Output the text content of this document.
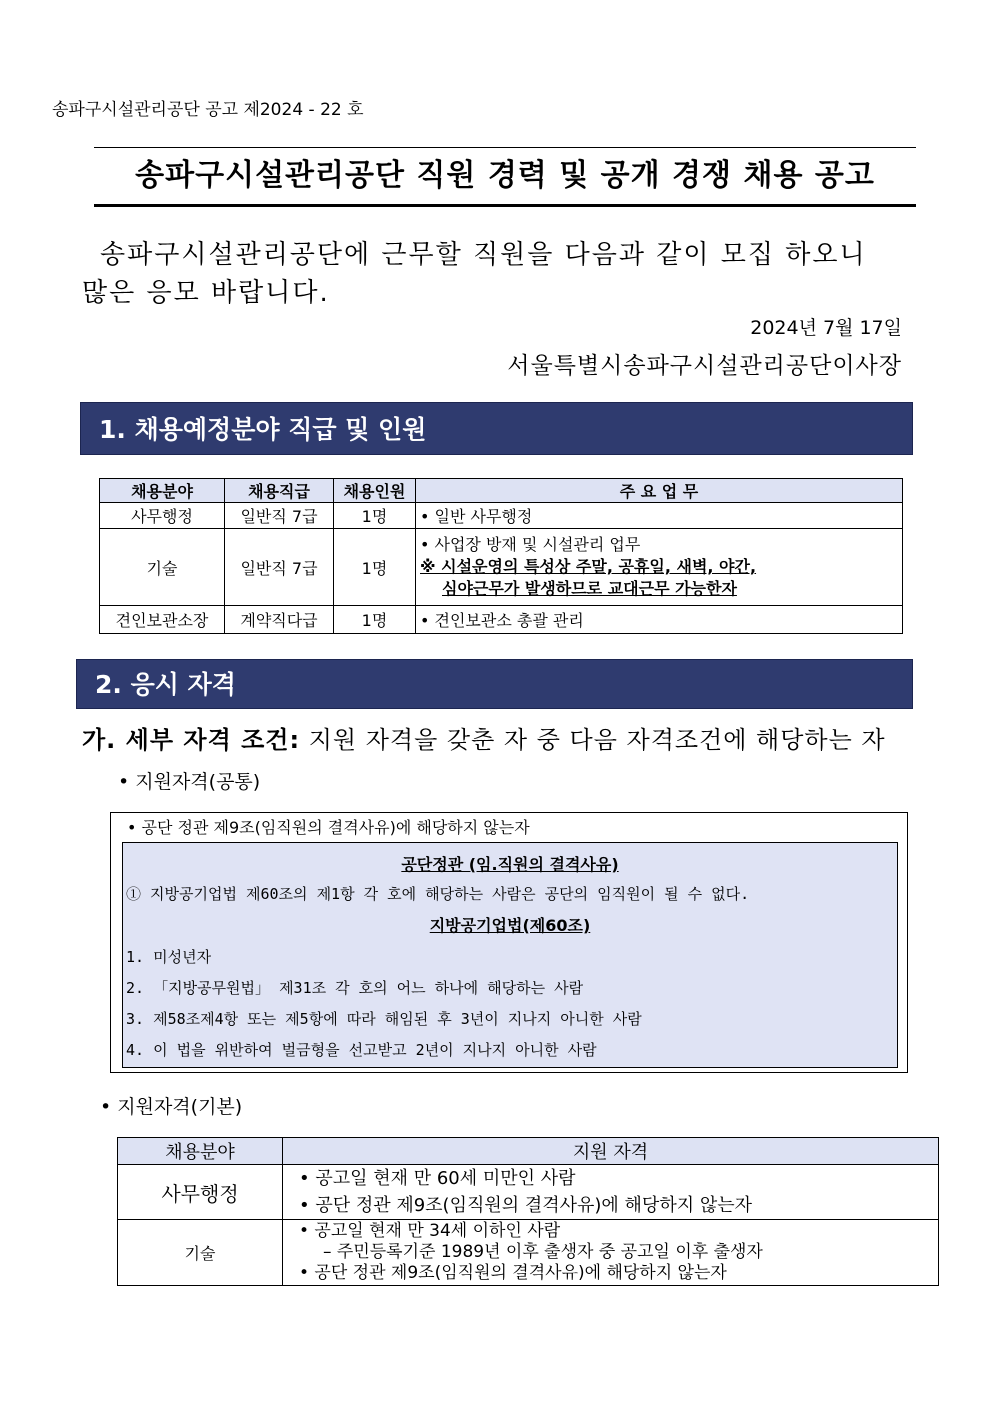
송파구시설관리공단 공고 제2024 - 22 호
송파구시설관리공단 직원 경력 및 공개 경쟁 채용 공고
송파구시설관리공단에 근무할 직원을 다음과 같이 모집 하오니
많은 응모 바랍니다.
2024년 7월 17일
서울특별시송파구시설관리공단이사장
1. 채용예정분야 직급 및 인원
채용분야	채용직급	채용인원	주 요 업 무
사무행정	일반직 7급	1명	• 일반 사무행정

기술	일반직 7급	1명	• 사업장 방재 및 시설관리 업무
※ 시설운영의 특성상 주말, 공휴일, 새벽, 야간,
심야근무가 발생하므로 교대근무 가능한자

견인보관소장	계약직다급	1명	• 견인보관소 총괄 관리
2. 응시 자격
가. 세부 자격 조건: 지원 자격을 갖춘 자 중 다음 자격조건에 해당하는 자
• 지원자격(공통)
• 공단 정관 제9조(임직원의 결격사유)에 해당하지 않는자
공단정관 (임.직원의 결격사유)
① 지방공기업법 제60조의 제1항 각 호에 해당하는 사람은 공단의 임직원이 될 수 없다.
지방공기업법(제60조)
1. 미성년자
2. 「지방공무원법」 제31조 각 호의 어느 하나에 해당하는 사람
3. 제58조제4항 또는 제5항에 따라 해임된 후 3년이 지나지 아니한 사람
4. 이 법을 위반하여 벌금형을 선고받고 2년이 지나지 아니한 사람
• 지원자격(기본)
채용분야	지원 자격
사무행정	• 공고일 현재 만 60세 미만인 사람
• 공단 정관 제9조(임직원의 결격사유)에 해당하지 않는자

기술	• 공고일 현재 만 34세 이하인 사람
– 주민등록기준 1989년 이후 출생자 중 공고일 이후 출생자
• 공단 정관 제9조(임직원의 결격사유)에 해당하지 않는자
